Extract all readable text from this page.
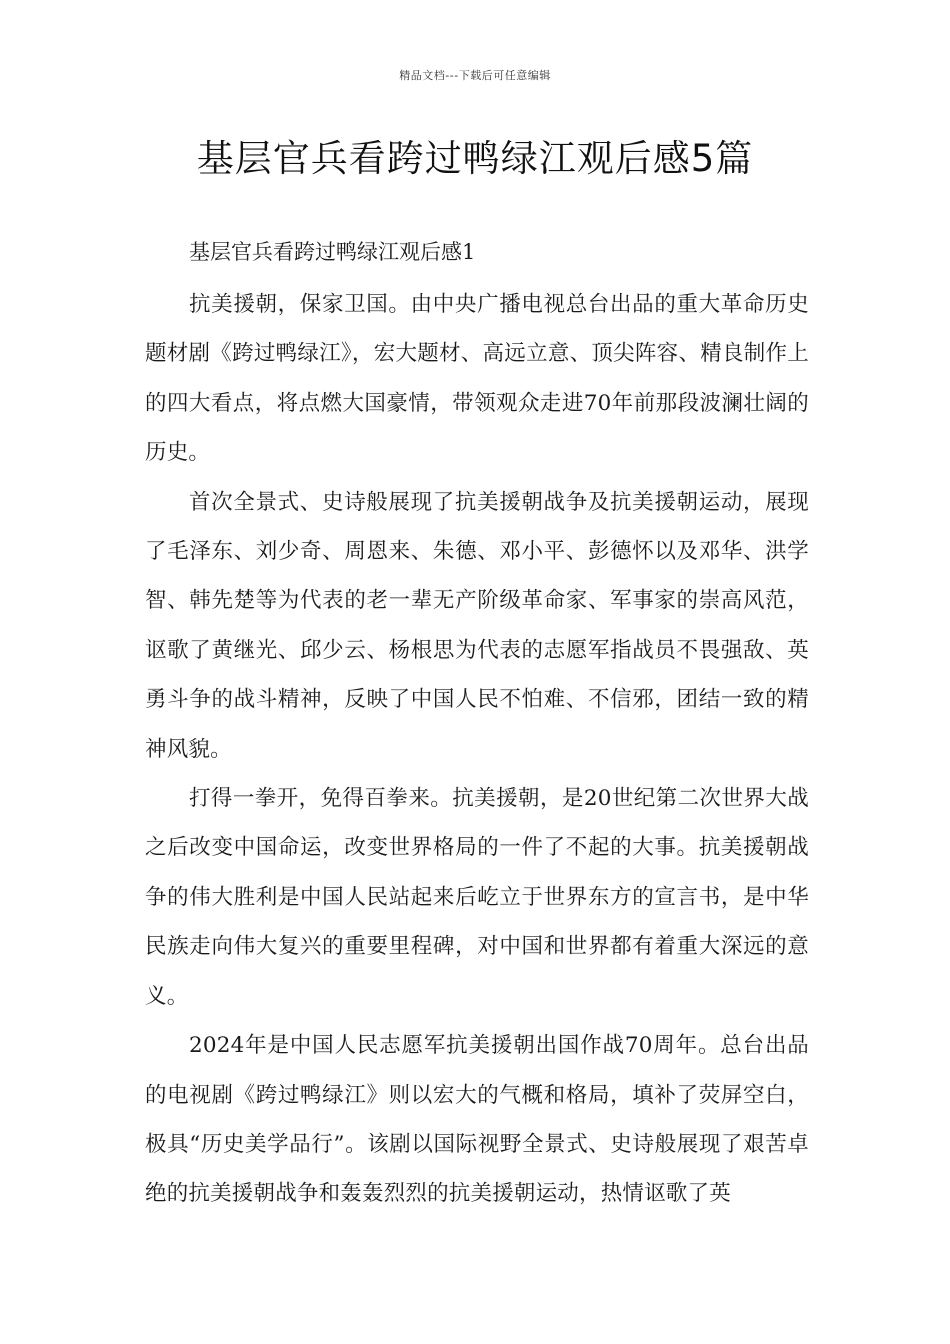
精品文档---下载后可任意编辑
基层官兵看跨过鸭绿江观后感5篇
基层官兵看跨过鸭绿江观后感1

抗美援朝，保家卫国。由中央广播电视总台出品的重大革命历史题材剧《跨过鸭绿江》，宏大题材、高远立意、顶尖阵容、精良制作上的四大看点，将点燃大国豪情，带领观众走进70年前那段波澜壮阔的历史。

首次全景式、史诗般展现了抗美援朝战争及抗美援朝运动，展现了毛泽东、刘少奇、周恩来、朱德、邓小平、彭德怀以及邓华、洪学智、韩先楚等为代表的老一辈无产阶级革命家、军事家的崇高风范，讴歌了黄继光、邱少云、杨根思为代表的志愿军指战员不畏强敌、英勇斗争的战斗精神，反映了中国人民不怕难、不信邪，团结一致的精神风貌。

打得一拳开，免得百拳来。抗美援朝，是20世纪第二次世界大战之后改变中国命运，改变世界格局的一件了不起的大事。抗美援朝战争的伟大胜利是中国人民站起来后屹立于世界东方的宣言书，是中华民族走向伟大复兴的重要里程碑，对中国和世界都有着重大深远的意义。

2024年是中国人民志愿军抗美援朝出国作战70周年。总台出品的电视剧《跨过鸭绿江》则以宏大的气概和格局，填补了荧屏空白，极具“历史美学品行”。该剧以国际视野全景式、史诗般展现了艰苦卓绝的抗美援朝战争和轰轰烈烈的抗美援朝运动，热情讴歌了英
